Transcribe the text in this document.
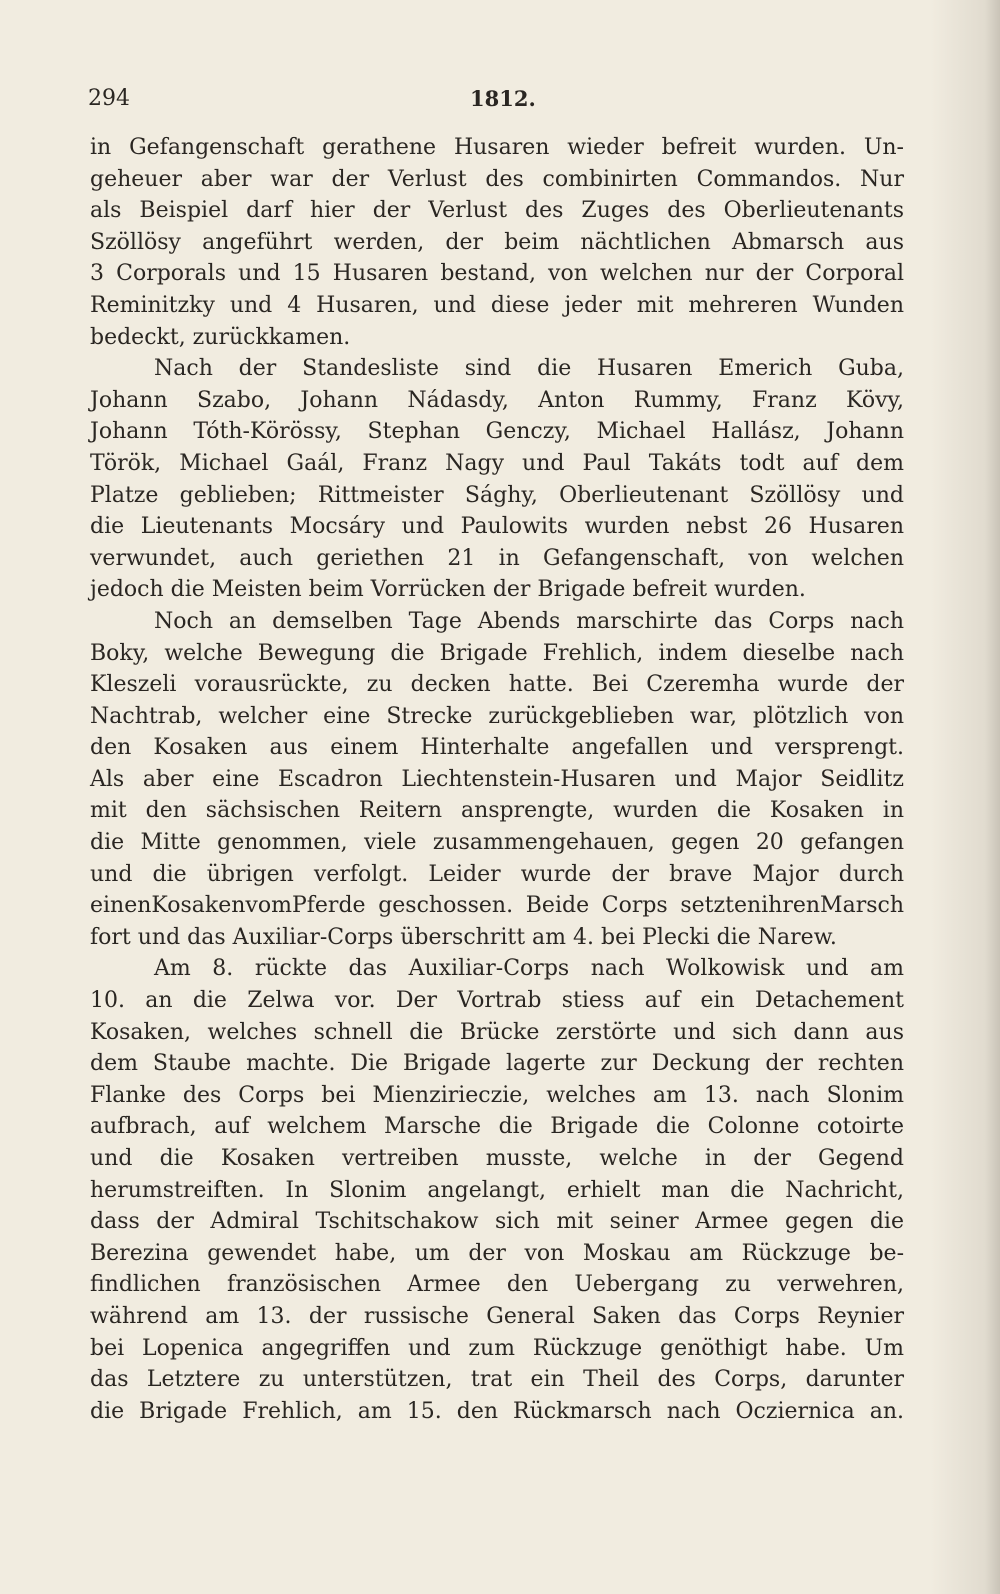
294	1812.
in Gefangenschaft gerathene Husaren wieder befreit wurden. Un-
geheuer aber war der Verlust des combinirten Commandos. Nur
als Beispiel darf hier der Verlust des Zuges des Oberlieutenants
Szöllösy angeführt werden, der beim nächtlichen Abmarsch aus
3 Corporals und 15 Husaren bestand, von welchen nur der Corporal
Reminitzky und 4 Husaren, und diese jeder mit mehreren Wunden
bedeckt, zurückkamen.
Nach der Standesliste sind die Husaren Emerich Guba,
Johann Szabo, Johann Nádasdy, Anton Rummy, Franz Kövy,
Johann Tóth-Körössy, Stephan Genczy, Michael Hallász, Johann
Török, Michael Gaál, Franz Nagy und Paul Takáts todt auf dem
Platze geblieben; Rittmeister Sághy, Oberlieutenant Szöllösy und
die Lieutenants Mocsáry und Paulowits wurden nebst 26 Husaren
verwundet, auch geriethen 21 in Gefangenschaft, von welchen
jedoch die Meisten beim Vorrücken der Brigade befreit wurden.
Noch an demselben Tage Abends marschirte das Corps nach
Boky, welche Bewegung die Brigade Frehlich, indem dieselbe nach
Kleszeli vorausrückte, zu decken hatte. Bei Czeremha wurde der
Nachtrab, welcher eine Strecke zurückgeblieben war, plötzlich von
den Kosaken aus einem Hinterhalte angefallen und versprengt.
Als aber eine Escadron Liechtenstein-Husaren und Major Seidlitz
mit den sächsischen Reitern ansprengte, wurden die Kosaken in
die Mitte genommen, viele zusammengehauen, gegen 20 gefangen
und die übrigen verfolgt. Leider wurde der brave Major durch
einenKosakenvomPferde geschossen. Beide Corps setztenihrenMarsch
fort und das Auxiliar-Corps überschritt am 4. bei Plecki die Narew.
Am 8. rückte das Auxiliar-Corps nach Wolkowisk und am
10. an die Zelwa vor. Der Vortrab stiess auf ein Detachement
Kosaken, welches schnell die Brücke zerstörte und sich dann aus
dem Staube machte. Die Brigade lagerte zur Deckung der rechten
Flanke des Corps bei Mienzirieczie, welches am 13. nach Slonim
aufbrach, auf welchem Marsche die Brigade die Colonne cotoirte
und die Kosaken vertreiben musste, welche in der Gegend
herumstreiften. In Slonim angelangt, erhielt man die Nachricht,
dass der Admiral Tschitschakow sich mit seiner Armee gegen die
Berezina gewendet habe, um der von Moskau am Rückzuge be-
findlichen französischen Armee den Uebergang zu verwehren,
während am 13. der russische General Saken das Corps Reynier
bei Lopenica angegriffen und zum Rückzuge genöthigt habe. Um
das Letztere zu unterstützen, trat ein Theil des Corps, darunter
die Brigade Frehlich, am 15. den Rückmarsch nach Ocziernica an.
